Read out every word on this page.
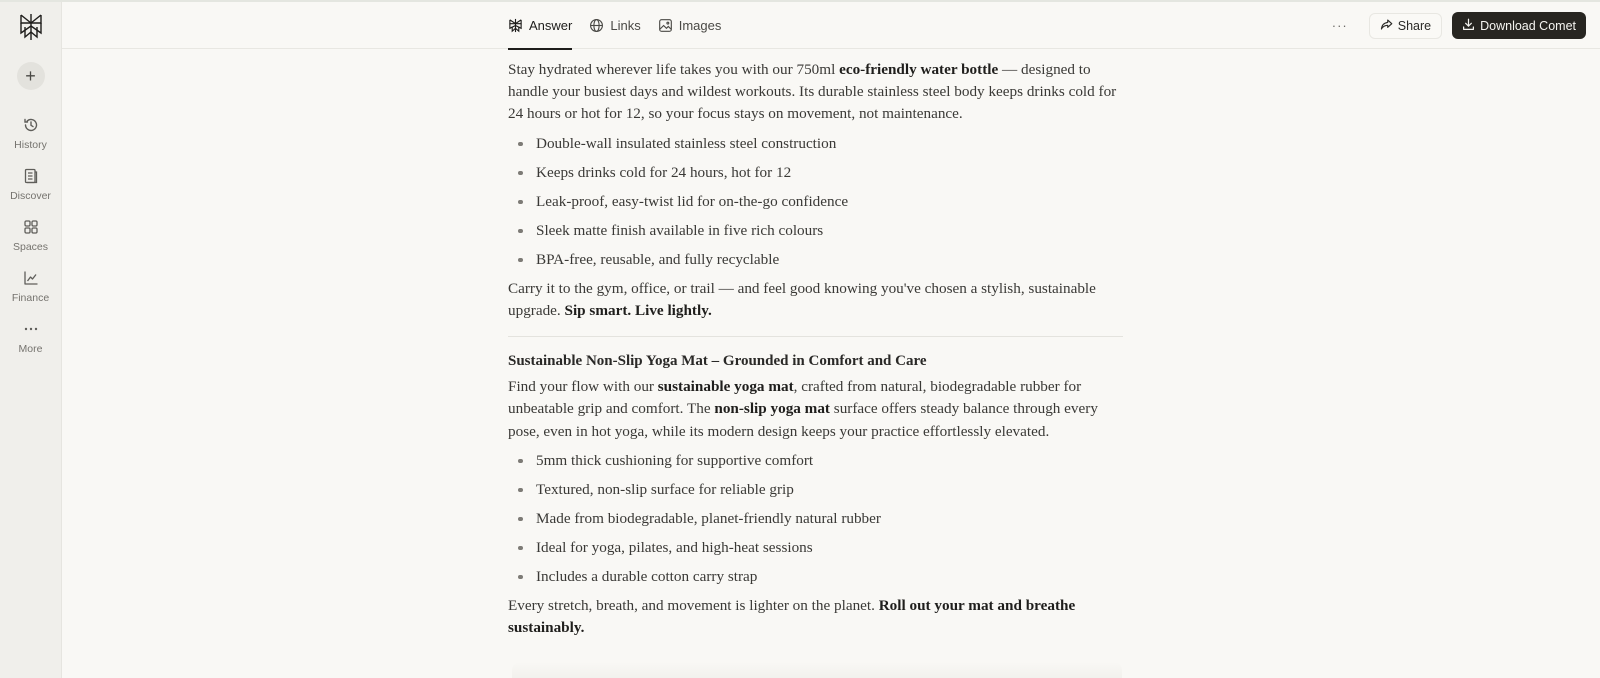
+
History
Discover
Spaces
Finance
More
Answer	Links	Images	···	Share	Download Comet

Stay hydrated wherever life takes you with our 750ml eco-friendly water bottle — designed to handle your busiest days and wildest workouts. Its durable stainless steel body keeps drinks cold for 24 hours or hot for 12, so your focus stays on movement, not maintenance.

Double-wall insulated stainless steel construction
Keeps drinks cold for 24 hours, hot for 12
Leak-proof, easy-twist lid for on-the-go confidence
Sleek matte finish available in five rich colours
BPA-free, reusable, and fully recyclable

Carry it to the gym, office, or trail — and feel good knowing you've chosen a stylish, sustainable upgrade. Sip smart. Live lightly.

Sustainable Non-Slip Yoga Mat – Grounded in Comfort and Care

Find your flow with our sustainable yoga mat, crafted from natural, biodegradable rubber for unbeatable grip and comfort. The non-slip yoga mat surface offers steady balance through every pose, even in hot yoga, while its modern design keeps your practice effortlessly elevated.

5mm thick cushioning for supportive comfort
Textured, non-slip surface for reliable grip
Made from biodegradable, planet-friendly natural rubber
Ideal for yoga, pilates, and high-heat sessions
Includes a durable cotton carry strap

Every stretch, breath, and movement is lighter on the planet. Roll out your mat and breathe sustainably.
